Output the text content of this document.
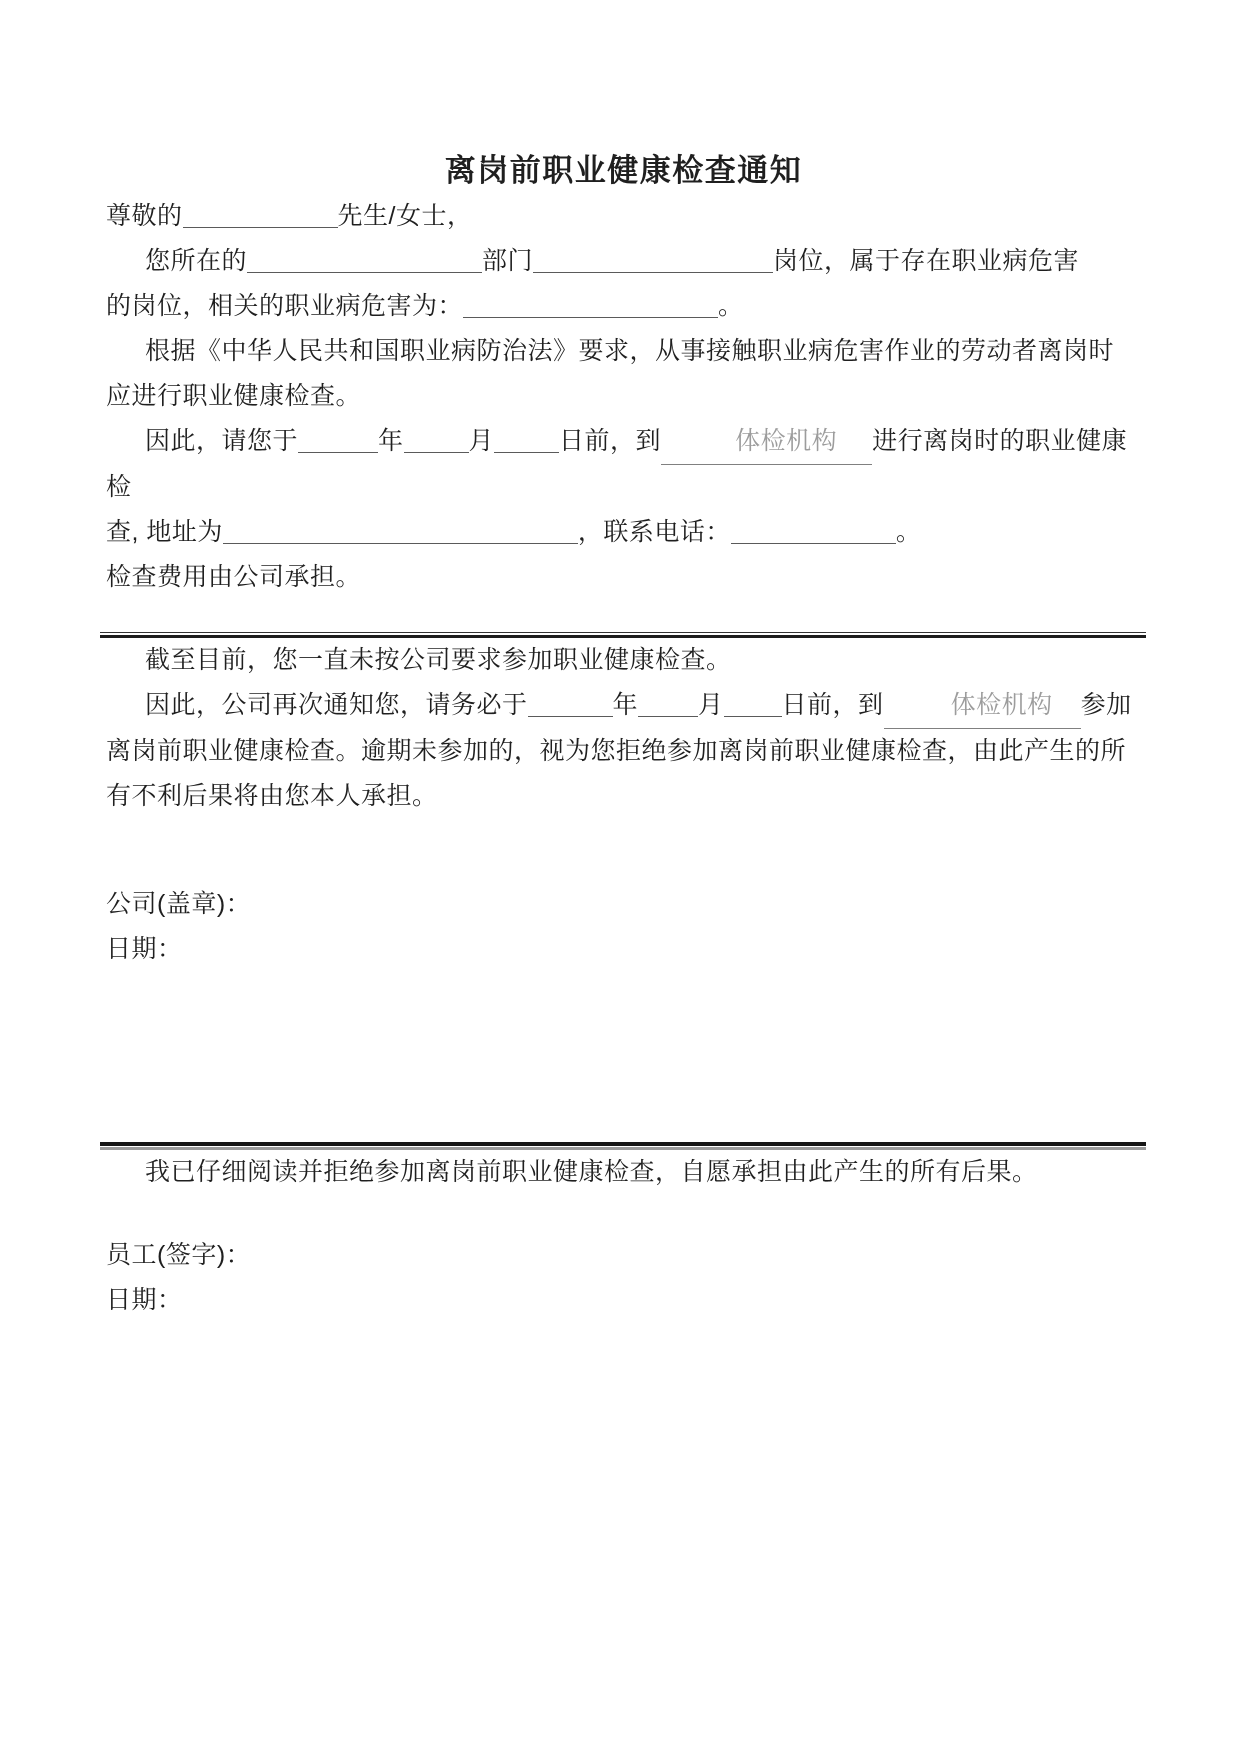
离岗前职业健康检查通知

尊敬的	先生/女士，

您所在的	部门	岗位，属于存在职业病危害
的岗位，相关的职业病危害为：	。

根据《中华人民共和国职业病防治法》要求，从事接触职业病危害作业的劳动者离岗时
应进行职业健康检查。

因此，请您于	年	月	日前，到	体检机构 进行离岗时的职业健康检
查, 地址为	，联系电话：	。

检查费用由公司承担。

截至目前，您一直未按公司要求参加职业健康检查。

因此，公司再次通知您，请务必于	年 月 日前，到	体检机构 参加
离岗前职业健康检查。逾期未参加的，视为您拒绝参加离岗前职业健康检查，由此产生的所
有不利后果将由您本人承担。

公司(盖章)：

日期：

我已仔细阅读并拒绝参加离岗前职业健康检查，自愿承担由此产生的所有后果。

员工(签字)：

日期：
